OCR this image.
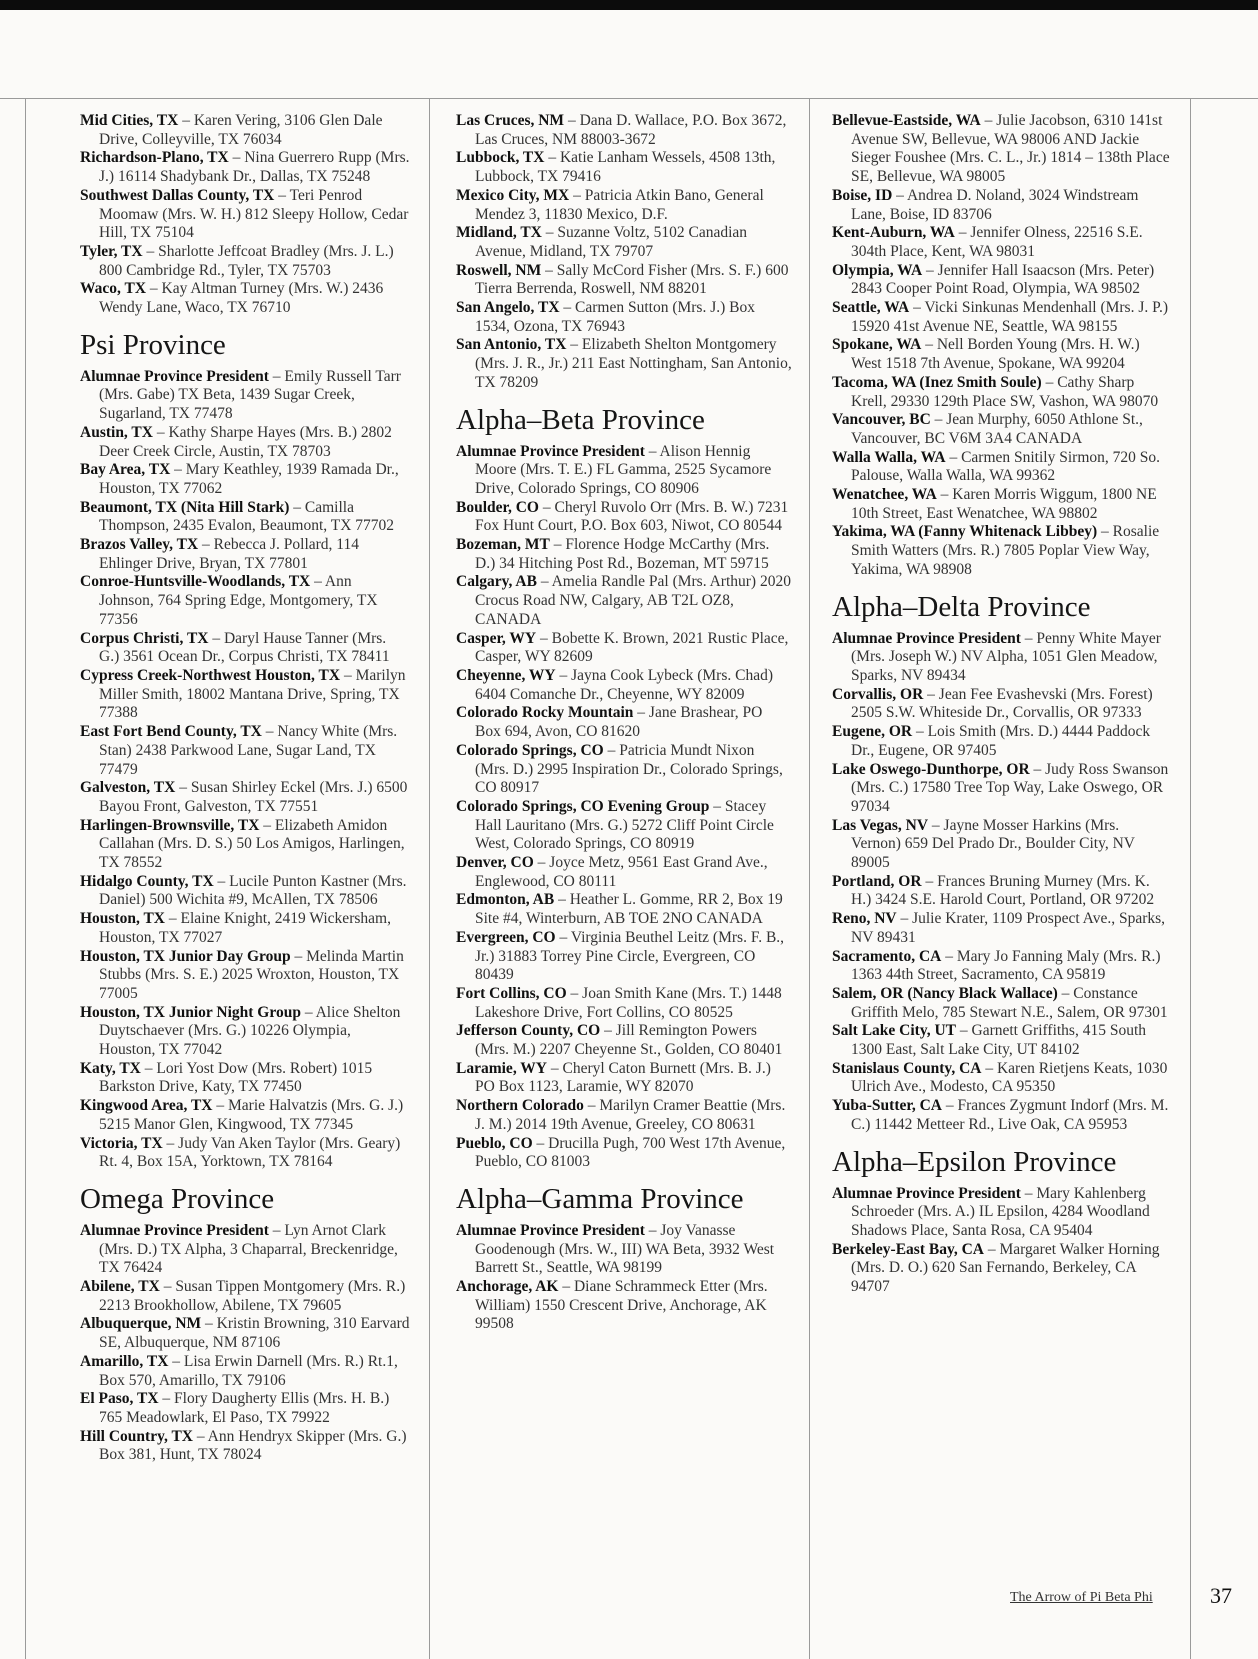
Mid Cities, TX – Karen Vering, 3106 Glen Dale Drive, Colleyville, TX 76034
Richardson-Plano, TX – Nina Guerrero Rupp (Mrs. J.) 16114 Shadybank Dr., Dallas, TX 75248
Southwest Dallas County, TX – Teri Penrod Moomaw (Mrs. W. H.) 812 Sleepy Hollow, Cedar Hill, TX 75104
Tyler, TX – Sharlotte Jeffcoat Bradley (Mrs. J. L.) 800 Cambridge Rd., Tyler, TX 75703
Waco, TX – Kay Altman Turney (Mrs. W.) 2436 Wendy Lane, Waco, TX 76710
Psi Province
Alumnae Province President – Emily Russell Tarr (Mrs. Gabe) TX Beta, 1439 Sugar Creek, Sugarland, TX 77478
Austin, TX – Kathy Sharpe Hayes (Mrs. B.) 2802 Deer Creek Circle, Austin, TX 78703
Bay Area, TX – Mary Keathley, 1939 Ramada Dr., Houston, TX 77062
Beaumont, TX (Nita Hill Stark) – Camilla Thompson, 2435 Evalon, Beaumont, TX 77702
Brazos Valley, TX – Rebecca J. Pollard, 114 Ehlinger Drive, Bryan, TX 77801
Conroe-Huntsville-Woodlands, TX – Ann Johnson, 764 Spring Edge, Montgomery, TX 77356
Corpus Christi, TX – Daryl Hause Tanner (Mrs. G.) 3561 Ocean Dr., Corpus Christi, TX 78411
Cypress Creek-Northwest Houston, TX – Marilyn Miller Smith, 18002 Mantana Drive, Spring, TX 77388
East Fort Bend County, TX – Nancy White (Mrs. Stan) 2438 Parkwood Lane, Sugar Land, TX 77479
Galveston, TX – Susan Shirley Eckel (Mrs. J.) 6500 Bayou Front, Galveston, TX 77551
Harlingen-Brownsville, TX – Elizabeth Amidon Callahan (Mrs. D. S.) 50 Los Amigos, Harlingen, TX 78552
Hidalgo County, TX – Lucile Punton Kastner (Mrs. Daniel) 500 Wichita #9, McAllen, TX 78506
Houston, TX – Elaine Knight, 2419 Wickersham, Houston, TX 77027
Houston, TX Junior Day Group – Melinda Martin Stubbs (Mrs. S. E.) 2025 Wroxton, Houston, TX 77005
Houston, TX Junior Night Group – Alice Shelton Duytschaever (Mrs. G.) 10226 Olympia, Houston, TX 77042
Katy, TX – Lori Yost Dow (Mrs. Robert) 1015 Barkston Drive, Katy, TX 77450
Kingwood Area, TX – Marie Halvatzis (Mrs. G. J.) 5215 Manor Glen, Kingwood, TX 77345
Victoria, TX – Judy Van Aken Taylor (Mrs. Geary) Rt. 4, Box 15A, Yorktown, TX 78164
Omega Province
Alumnae Province President – Lyn Arnot Clark (Mrs. D.) TX Alpha, 3 Chaparral, Breckenridge, TX 76424
Abilene, TX – Susan Tippen Montgomery (Mrs. R.) 2213 Brookhollow, Abilene, TX 79605
Albuquerque, NM – Kristin Browning, 310 Earvard SE, Albuquerque, NM 87106
Amarillo, TX – Lisa Erwin Darnell (Mrs. R.) Rt.1, Box 570, Amarillo, TX 79106
El Paso, TX – Flory Daugherty Ellis (Mrs. H. B.) 765 Meadowlark, El Paso, TX 79922
Hill Country, TX – Ann Hendryx Skipper (Mrs. G.) Box 381, Hunt, TX 78024
Las Cruces, NM – Dana D. Wallace, P.O. Box 3672, Las Cruces, NM 88003-3672
Lubbock, TX – Katie Lanham Wessels, 4508 13th, Lubbock, TX 79416
Mexico City, MX – Patricia Atkin Bano, General Mendez 3, 11830 Mexico, D.F.
Midland, TX – Suzanne Voltz, 5102 Canadian Avenue, Midland, TX 79707
Roswell, NM – Sally McCord Fisher (Mrs. S. F.) 600 Tierra Berrenda, Roswell, NM 88201
San Angelo, TX – Carmen Sutton (Mrs. J.) Box 1534, Ozona, TX 76943
San Antonio, TX – Elizabeth Shelton Montgomery (Mrs. J. R., Jr.) 211 East Nottingham, San Antonio, TX 78209
Alpha–Beta Province
Alumnae Province President – Alison Hennig Moore (Mrs. T. E.) FL Gamma, 2525 Sycamore Drive, Colorado Springs, CO 80906
Boulder, CO – Cheryl Ruvolo Orr (Mrs. B. W.) 7231 Fox Hunt Court, P.O. Box 603, Niwot, CO 80544
Bozeman, MT – Florence Hodge McCarthy (Mrs. D.) 34 Hitching Post Rd., Bozeman, MT 59715
Calgary, AB – Amelia Randle Pal (Mrs. Arthur) 2020 Crocus Road NW, Calgary, AB T2L OZ8, CANADA
Casper, WY – Bobette K. Brown, 2021 Rustic Place, Casper, WY 82609
Cheyenne, WY – Jayna Cook Lybeck (Mrs. Chad) 6404 Comanche Dr., Cheyenne, WY 82009
Colorado Rocky Mountain – Jane Brashear, PO Box 694, Avon, CO 81620
Colorado Springs, CO – Patricia Mundt Nixon (Mrs. D.) 2995 Inspiration Dr., Colorado Springs, CO 80917
Colorado Springs, CO Evening Group – Stacey Hall Lauritano (Mrs. G.) 5272 Cliff Point Circle West, Colorado Springs, CO 80919
Denver, CO – Joyce Metz, 9561 East Grand Ave., Englewood, CO 80111
Edmonton, AB – Heather L. Gomme, RR 2, Box 19 Site #4, Winterburn, AB TOE 2NO CANADA
Evergreen, CO – Virginia Beuthel Leitz (Mrs. F. B., Jr.) 31883 Torrey Pine Circle, Evergreen, CO 80439
Fort Collins, CO – Joan Smith Kane (Mrs. T.) 1448 Lakeshore Drive, Fort Collins, CO 80525
Jefferson County, CO – Jill Remington Powers (Mrs. M.) 2207 Cheyenne St., Golden, CO 80401
Laramie, WY – Cheryl Caton Burnett (Mrs. B. J.) PO Box 1123, Laramie, WY 82070
Northern Colorado – Marilyn Cramer Beattie (Mrs. J. M.) 2014 19th Avenue, Greeley, CO 80631
Pueblo, CO – Drucilla Pugh, 700 West 17th Avenue, Pueblo, CO 81003
Alpha–Gamma Province
Alumnae Province President – Joy Vanasse Goodenough (Mrs. W., III) WA Beta, 3932 West Barrett St., Seattle, WA 98199
Anchorage, AK – Diane Schrammeck Etter (Mrs. William) 1550 Crescent Drive, Anchorage, AK 99508
Bellevue-Eastside, WA – Julie Jacobson, 6310 141st Avenue SW, Bellevue, WA 98006 AND Jackie Sieger Foushee (Mrs. C. L., Jr.) 1814 – 138th Place SE, Bellevue, WA 98005
Boise, ID – Andrea D. Noland, 3024 Windstream Lane, Boise, ID 83706
Kent-Auburn, WA – Jennifer Olness, 22516 S.E. 304th Place, Kent, WA 98031
Olympia, WA – Jennifer Hall Isaacson (Mrs. Peter) 2843 Cooper Point Road, Olympia, WA 98502
Seattle, WA – Vicki Sinkunas Mendenhall (Mrs. J. P.) 15920 41st Avenue NE, Seattle, WA 98155
Spokane, WA – Nell Borden Young (Mrs. H. W.) West 1518 7th Avenue, Spokane, WA 99204
Tacoma, WA (Inez Smith Soule) – Cathy Sharp Krell, 29330 129th Place SW, Vashon, WA 98070
Vancouver, BC – Jean Murphy, 6050 Athlone St., Vancouver, BC V6M 3A4 CANADA
Walla Walla, WA – Carmen Snitily Sirmon, 720 So. Palouse, Walla Walla, WA 99362
Wenatchee, WA – Karen Morris Wiggum, 1800 NE 10th Street, East Wenatchee, WA 98802
Yakima, WA (Fanny Whitenack Libbey) – Rosalie Smith Watters (Mrs. R.) 7805 Poplar View Way, Yakima, WA 98908
Alpha–Delta Province
Alumnae Province President – Penny White Mayer (Mrs. Joseph W.) NV Alpha, 1051 Glen Meadow, Sparks, NV 89434
Corvallis, OR – Jean Fee Evashevski (Mrs. Forest) 2505 S.W. Whiteside Dr., Corvallis, OR 97333
Eugene, OR – Lois Smith (Mrs. D.) 4444 Paddock Dr., Eugene, OR 97405
Lake Oswego-Dunthorpe, OR – Judy Ross Swanson (Mrs. C.) 17580 Tree Top Way, Lake Oswego, OR 97034
Las Vegas, NV – Jayne Mosser Harkins (Mrs. Vernon) 659 Del Prado Dr., Boulder City, NV 89005
Portland, OR – Frances Bruning Murney (Mrs. K. H.) 3424 S.E. Harold Court, Portland, OR 97202
Reno, NV – Julie Krater, 1109 Prospect Ave., Sparks, NV 89431
Sacramento, CA – Mary Jo Fanning Maly (Mrs. R.) 1363 44th Street, Sacramento, CA 95819
Salem, OR (Nancy Black Wallace) – Constance Griffith Melo, 785 Stewart N.E., Salem, OR 97301
Salt Lake City, UT – Garnett Griffiths, 415 South 1300 East, Salt Lake City, UT 84102
Stanislaus County, CA – Karen Rietjens Keats, 1030 Ulrich Ave., Modesto, CA 95350
Yuba-Sutter, CA – Frances Zygmunt Indorf (Mrs. M. C.) 11442 Metteer Rd., Live Oak, CA 95953
Alpha–Epsilon Province
Alumnae Province President – Mary Kahlenberg Schroeder (Mrs. A.) IL Epsilon, 4284 Woodland Shadows Place, Santa Rosa, CA 95404
Berkeley-East Bay, CA – Margaret Walker Horning (Mrs. D. O.) 620 San Fernando, Berkeley, CA 94707
The Arrow of Pi Beta Phi	37
